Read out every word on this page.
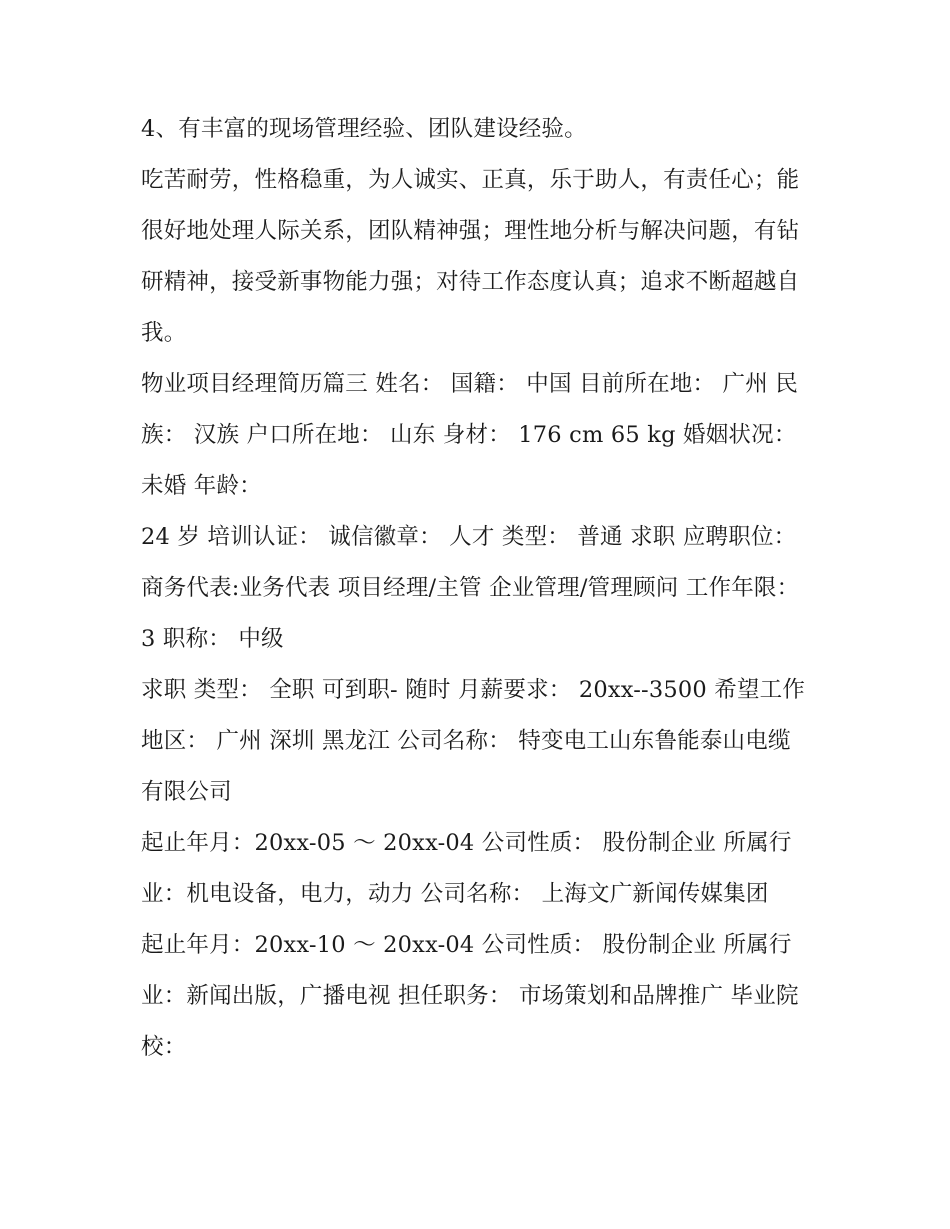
4、有丰富的现场管理经验、团队建设经验。

吃苦耐劳，性格稳重，为人诚实、正真，乐于助人，有责任心；能很好地处理人际关系，团队精神强；理性地分析与解决问题，有钻研精神，接受新事物能力强；对待工作态度认真；追求不断超越自我。

物业项目经理简历篇三 姓名： 国籍： 中国 目前所在地： 广州 民族： 汉族 户口所在地： 山东 身材： 176 cm 65 kg 婚姻状况： 未婚 年龄：

24 岁 培训认证： 诚信徽章： 人才 类型： 普通 求职 应聘职位： 商务代表:业务代表 项目经理/主管 企业管理/管理顾问 工作年限： 3 职称： 中级

求职 类型： 全职 可到职- 随时 月薪要求： 20xx--3500 希望工作地区： 广州 深圳 黑龙江 公司名称： 特变电工山东鲁能泰山电缆有限公司

起止年月：20xx-05 ～ 20xx-04 公司性质： 股份制企业 所属行业：机电设备，电力，动力 公司名称： 上海文广新闻传媒集团

起止年月：20xx-10 ～ 20xx-04 公司性质： 股份制企业 所属行业：新闻出版，广播电视 担任职务： 市场策划和品牌推广 毕业院校：
